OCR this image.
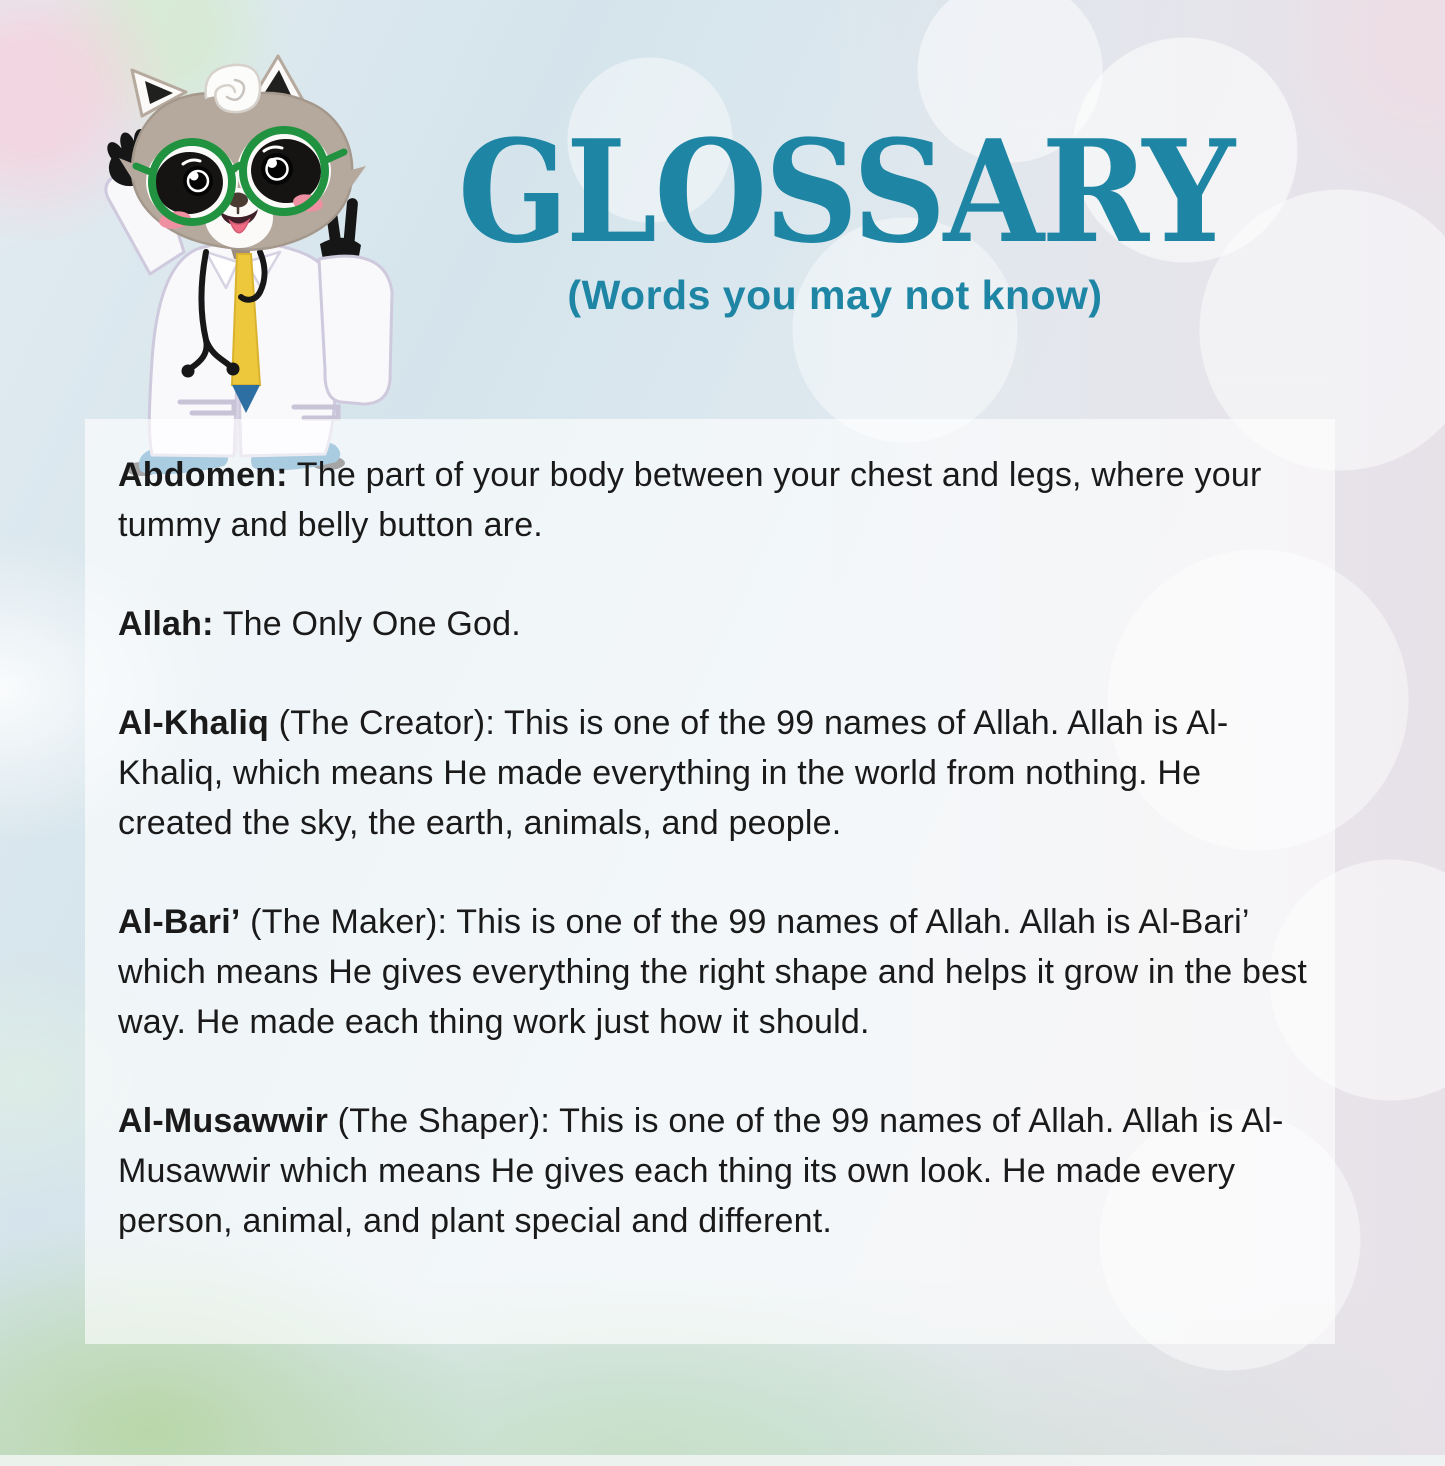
GLOSSARY
(Words you may not know)

Abdomen: The part of your body between your chest and legs, where your tummy and belly button are.

Allah: The Only One God.

Al-Khaliq (The Creator): This is one of the 99 names of Allah. Allah is Al-Khaliq, which means He made everything in the world from nothing. He created the sky, the earth, animals, and people.

Al-Bari’ (The Maker): This is one of the 99 names of Allah. Allah is Al-Bari’ which means He gives everything the right shape and helps it grow in the best way. He made each thing work just how it should.

Al-Musawwir (The Shaper): This is one of the 99 names of Allah. Allah is Al-Musawwir which means He gives each thing its own look. He made every person, animal, and plant special and different.
